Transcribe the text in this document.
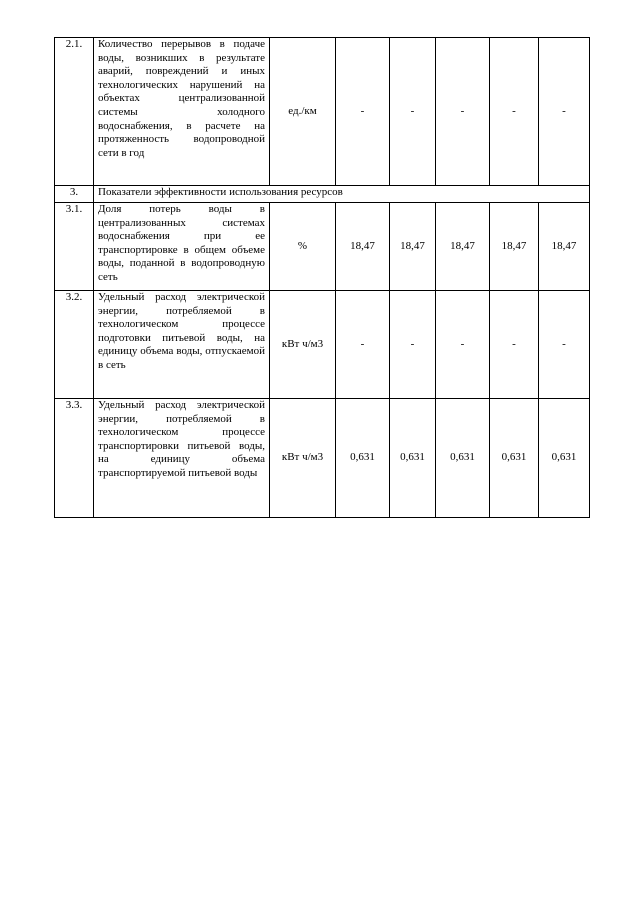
2.1.	Количество перерывов в подаче воды, возникших в результате аварий, повреждений и иных технологических нарушений на объектах централизованной системы холодного водоснабжения, в расчете на протяженность водопроводной сети в год	ед./км	-	-	-	-	-
3.	Показатели эффективности использования ресурсов						
3.1.	Доля потерь воды в централизованных системах водоснабжения при ее транспортировке в общем объеме воды, поданной в водопроводную сеть	%	18,47	18,47	18,47	18,47	18,47
3.2.	Удельный расход электрической энергии, потребляемой в технологическом процессе подготовки питьевой воды, на единицу объема воды, отпускаемой в сеть	кВт ч/м3	-	-	-	-	-
3.3.	Удельный расход электрической энергии, потребляемой в технологическом процессе транспортировки питьевой воды, на единицу объема транспортируемой питьевой воды	кВт ч/м3	0,631	0,631	0,631	0,631	0,631
